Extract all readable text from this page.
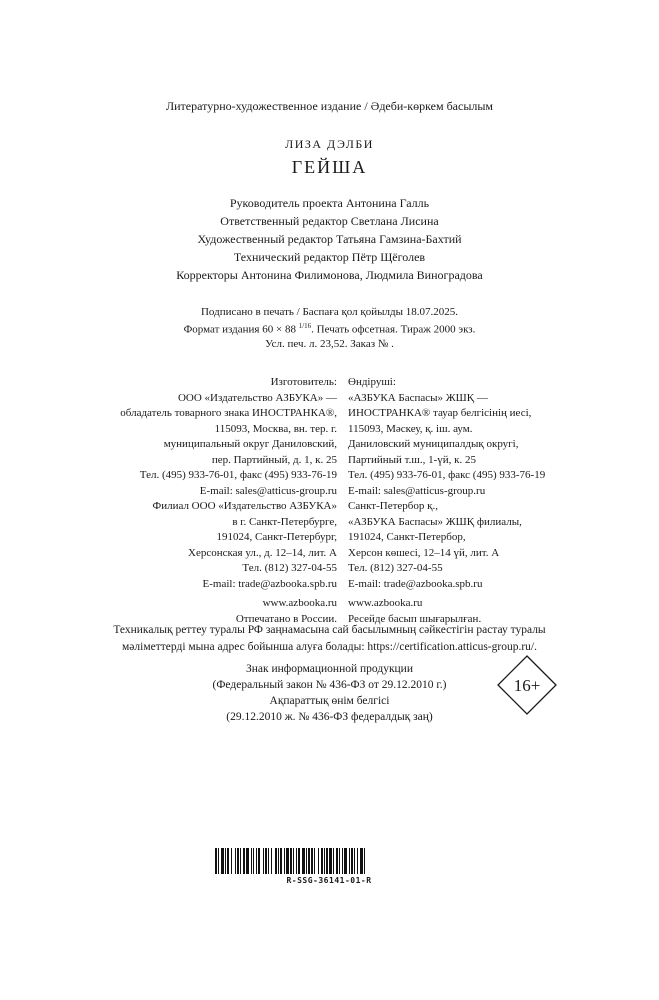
Литературно-художественное издание / Әдеби-көркем басылым
ЛИЗА ДЭЛБИ
ГЕЙША
Руководитель проекта Антонина Галль
Ответственный редактор Светлана Лисина
Художественный редактор Татьяна Гамзина-Бахтий
Технический редактор Пётр Щёголев
Корректоры Антонина Филимонова, Людмила Виноградова
Подписано в печать / Баспаға қол қойылды 18.07.2025.
Формат издания 60 × 88 $^{1/16}$. Печать офсетная. Тираж 2000 экз.
Усл. печ. л. 23,52. Заказ № .
Изготовитель:
ООО «Издательство АЗБУКА» —
обладатель товарного знака ИНОСТРАНКА®,
115093, Москва, вн. тер. г.
муниципальный округ Даниловский,
пер. Партийный, д. 1, к. 25
Тел. (495) 933-76-01, факс (495) 933-76-19
E-mail: sales@atticus-group.ru
Филиал ООО «Издательство АЗБУКА»
в г. Санкт-Петербурге,
191024, Санкт-Петербург,
Херсонская ул., д. 12–14, лит. А
Тел. (812) 327-04-55
E-mail: trade@azbooka.spb.ru
www.azbooka.ru
Отпечатано в России.
Өндіруші:
«АЗБУКА Баспасы» ЖШҚ —
ИНОСТРАНКА® тауар белгісінің иесі,
115093, Мәскеу, қ. іш. аум.
Даниловский муниципалдық округі,
Партийный т.ш., 1-үй, к. 25
Тел. (495) 933-76-01, факс (495) 933-76-19
E-mail: sales@atticus-group.ru
Санкт-Петербор қ.,
«АЗБУКА Баспасы» ЖШҚ филиалы,
191024, Санкт-Петербор,
Херсон көшесі, 12–14 үй, лит. А
Тел. (812) 327-04-55
E-mail: trade@azbooka.spb.ru
www.azbooka.ru
Ресейде басып шығарылған.
Техникалық реттеу туралы РФ заңнамасына сай басылымның сәйкестігін растау туралы
мәліметтерді мына адрес бойынша алуға болады: https://certification.atticus-group.ru/.
Знак информационной продукции
(Федеральный закон № 436-ФЗ от 29.12.2010 г.)
Ақпараттық өнім белгісі
(29.12.2010 ж. № 436-ФЗ федералдық заң)
16+
R-SSG-36141-01-R
